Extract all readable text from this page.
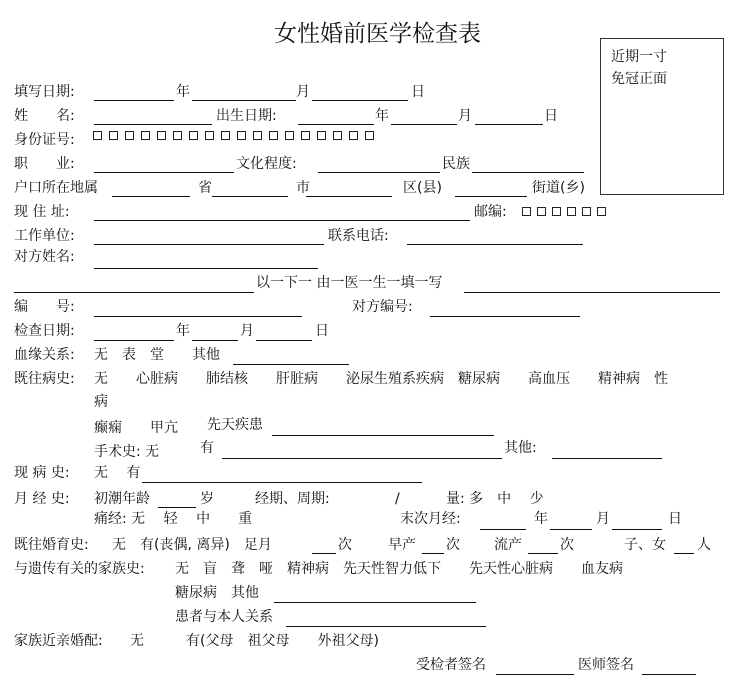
女性婚前医学检查表
近期一寸
免冠正面
填写日期:	年	月	日
姓　　名:	出生日期:	年	月	日
身份证号:
职　　业:	文化程度:	民族
户口所在地属	省	市	区(县)	街道(乡)
现 住 址:	邮编:
工作单位:	联系电话:
对方姓名:
以一下一 由一医一生一填一写
编　　号:	对方编号:
检查日期:	年	月	日
血缘关系: 无　表　堂　　其他
既往病史: 无　　心脏病　　肺结核　　肝脏病　　泌尿生殖系疾病　糖尿病　　高血压　　精神病　性
病
癫痫　　甲亢 先天疾患
手术史: 无	有	其他:
现 病 史: 无　 有
月 经 史: 初潮年龄	岁	经期、周期:	/	量: 多　中　 少
痛经: 无　 轻　 中　　重	末次月经:	年	月	日
既往婚育史: 无　有(丧偶, 离异)　足月	次	早产 次 流产	次	子、女 人
与遗传有关的家族史: 无　盲　聋　哑　精神病　先天性智力低下　　先天性心脏病　　血友病
糖尿病　其他
患者与本人关系
家族近亲婚配: 无　　　有(父母　祖父母　　外祖父母)
受检者签名	医师签名
